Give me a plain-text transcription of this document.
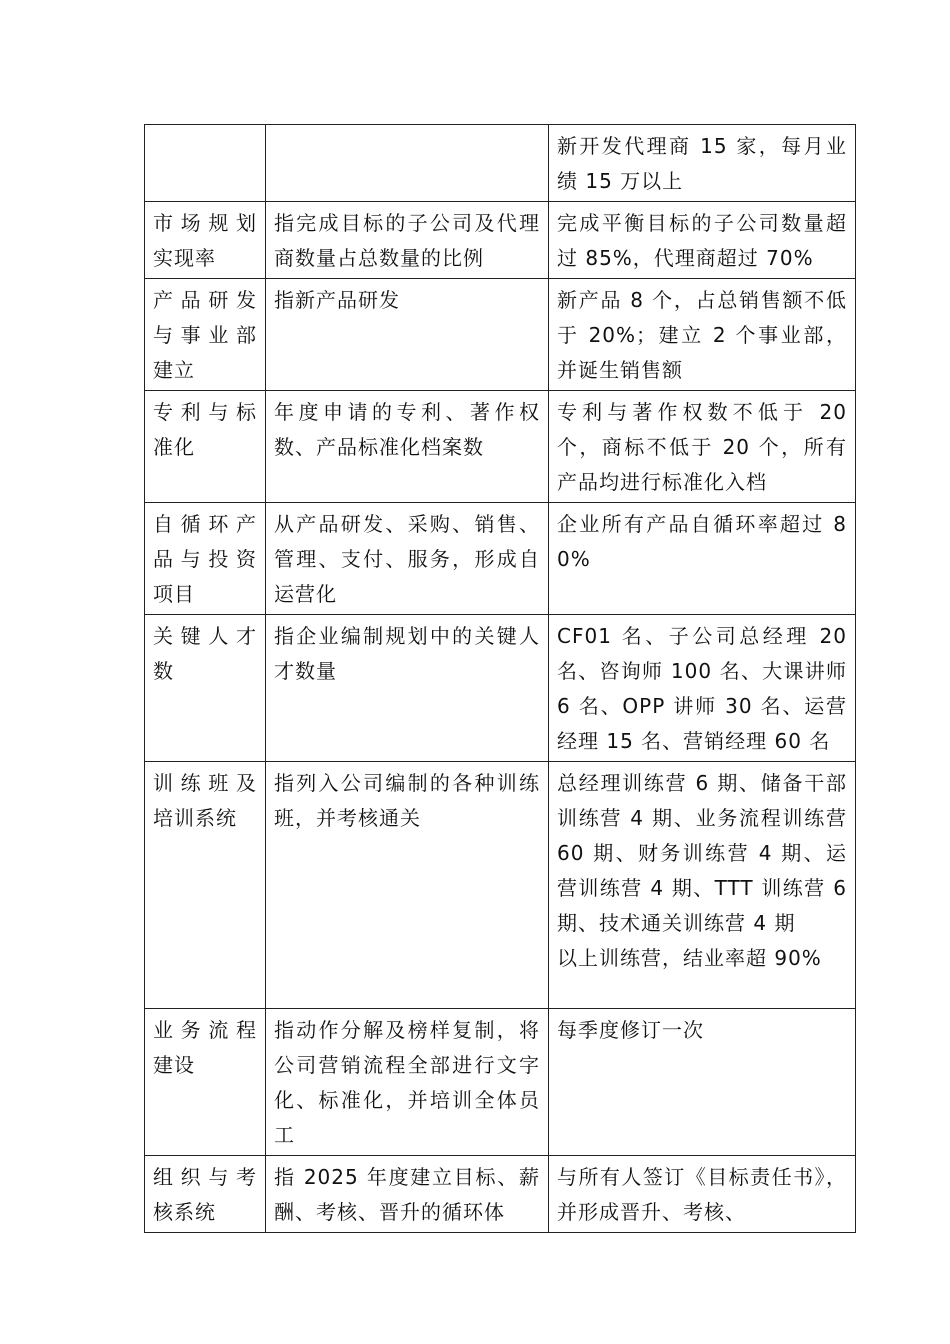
		新开发代理商 15 家，每月业绩 15 万以上
市场规划实现率	指完成目标的子公司及代理商数量占总数量的比例	完成平衡目标的子公司数量超过 85%，代理商超过 70%
产品研发与事业部建立	指新产品研发	新产品 8 个，占总销售额不低于 20%；建立 2 个事业部，并诞生销售额
专利与标准化	年度申请的专利、著作权数、产品标准化档案数	专利与著作权数不低于 20 个，商标不低于 20 个，所有产品均进行标准化入档
自循环产品与投资项目	从产品研发、采购、销售、管理、支付、服务，形成自运营化	企业所有产品自循环率超过 80%
关键人才数	指企业编制规划中的关键人才数量	CF01 名、子公司总经理 20 名、咨询师 100 名、大课讲师 6 名、OPP 讲师 30 名、运营经理 15 名、营销经理 60 名
训练班及培训系统	指列入公司编制的各种训练班，并考核通关	总经理训练营 6 期、储备干部训练营 4 期、业务流程训练营 60 期、财务训练营 4 期、运营训练营 4 期、TTT 训练营 6 期、技术通关训练营 4 期
以上训练营，结业率超 90%
业务流程建设	指动作分解及榜样复制，将公司营销流程全部进行文字化、标准化，并培训全体员工	每季度修订一次
组织与考核系统	指 2025 年度建立目标、薪酬、考核、晋升的循环体	与所有人签订《目标责任书》，并形成晋升、考核、
